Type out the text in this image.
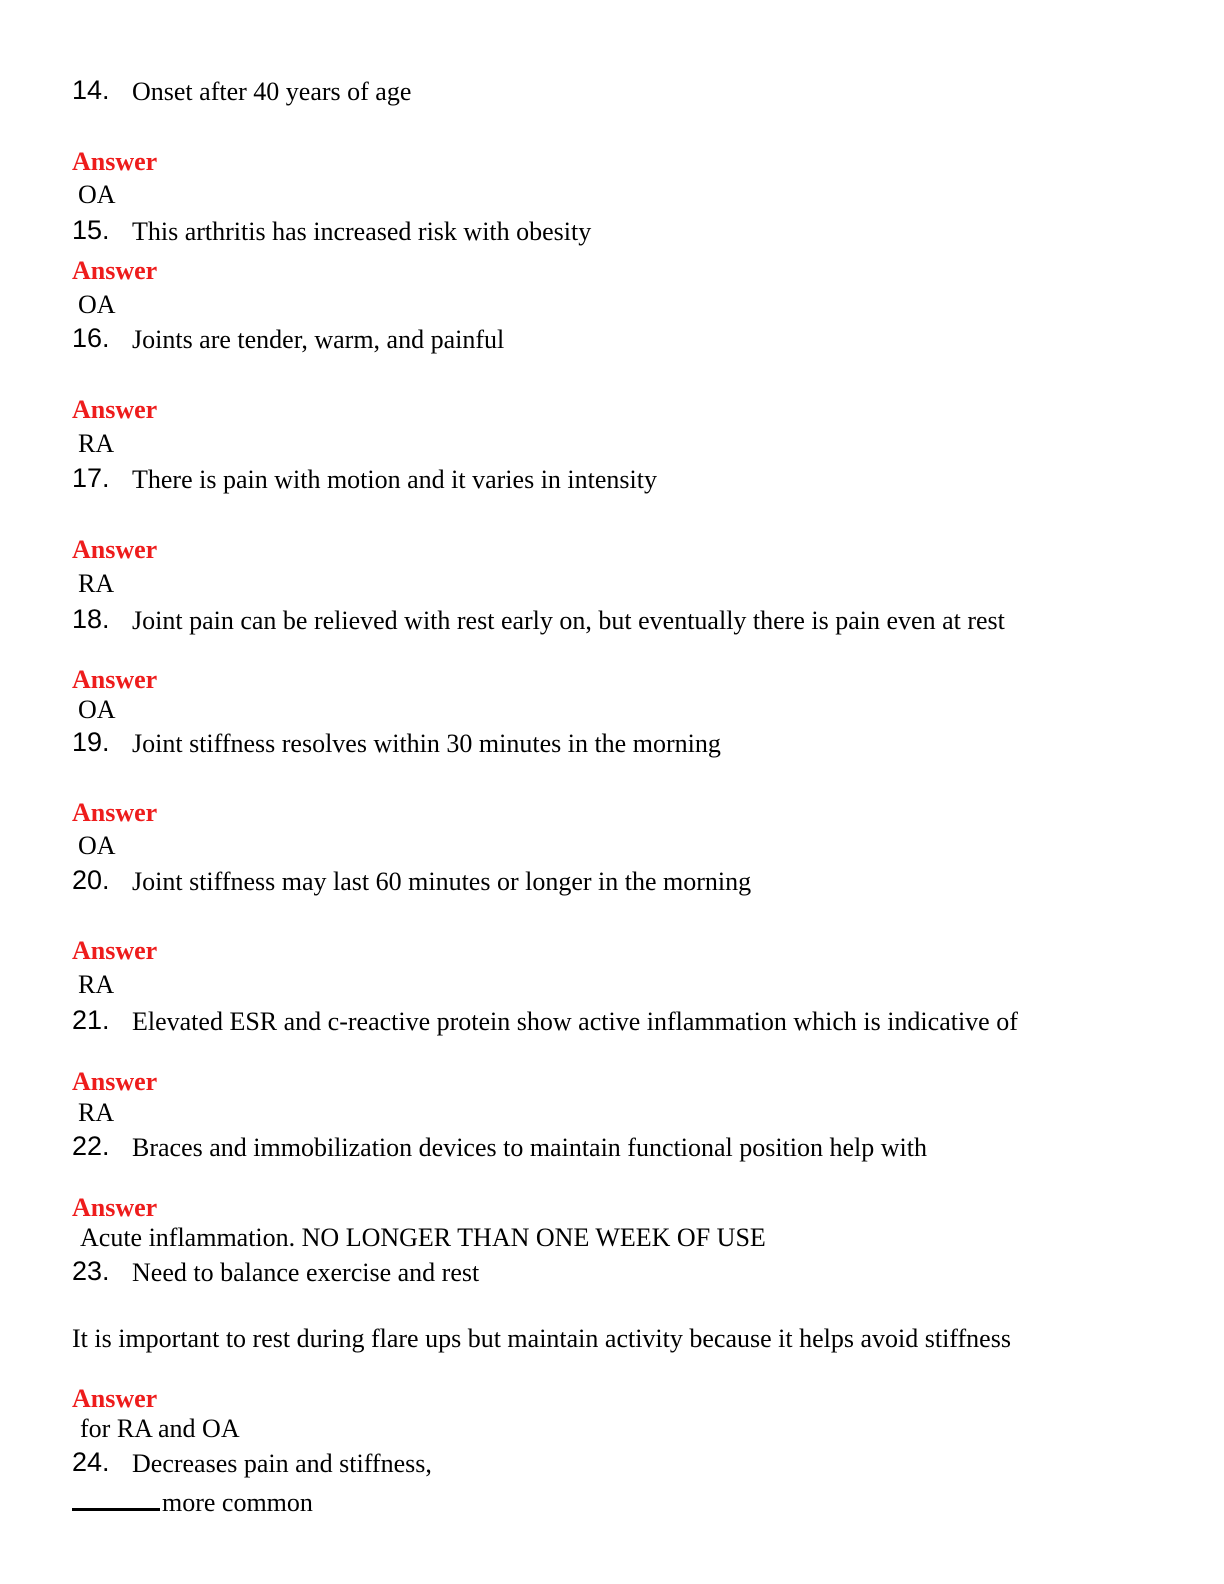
14. Onset after 40 years of age
Answer
OA
15. This arthritis has increased risk with obesity
Answer
OA
16. Joints are tender, warm, and painful
Answer
RA
17. There is pain with motion and it varies in intensity
Answer
RA
18. Joint pain can be relieved with rest early on, but eventually there is pain even at rest
Answer
OA
19. Joint stiffness resolves within 30 minutes in the morning
Answer
OA
20. Joint stiffness may last 60 minutes or longer in the morning
Answer
RA
21. Elevated ESR and c-reactive protein show active inflammation which is indicative of
Answer
RA
22. Braces and immobilization devices to maintain functional position help with
Answer
Acute inflammation. NO LONGER THAN ONE WEEK OF USE
23. Need to balance exercise and rest
It is important to rest during flare ups but maintain activity because it helps avoid stiffness
Answer
for RA and OA
24. Decreases pain and stiffness,
more common
